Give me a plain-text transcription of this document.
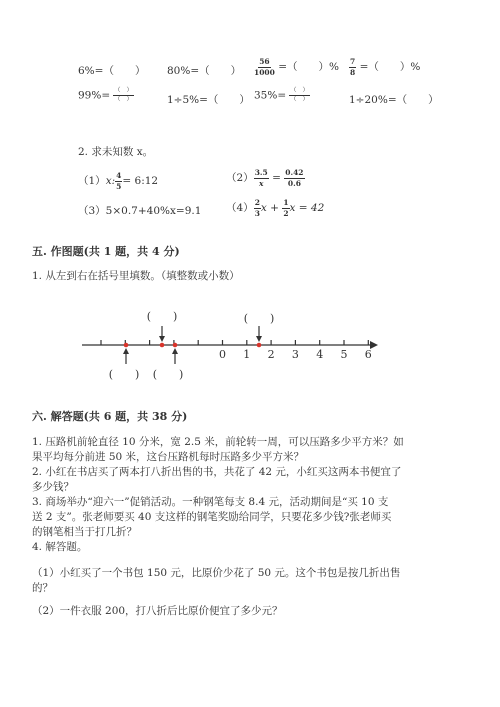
6%=（　　） 80%=（　　） $\frac{56}{1000}$ =（　　）% $\frac{7}{8}$ =（　　）%
$99\%= \frac{( )}{( )}$	1÷5%=（　　） $35\%= \frac{( )}{( )}$	1÷20%=（　　）
2. 求未知数 x。
（1）x: $\frac{4}{5}$ = 6:12	$(2) \frac{3.5}{x} = \frac{0.42}{0.6}$
（3）5×0.7+40%x=9.1 $(4) \frac{2}{3}$ $x + \frac{1}{2}$ x = 42
五. 作图题(共 1 题，共 4 分)
1. 从左到右在括号里填数。（填整数或小数）
0 1 2 3 4 5 6
(　　)	(　　)
(　　) (　　)
六. 解答题(共 6 题，共 38 分)
1. 压路机前轮直径 10 分米，宽 2.5 米，前轮转一周，可以压路多少平方米？如
果平均每分前进 50 米，这台压路机每时压路多少平方米？
2. 小红在书店买了两本打八折出售的书，共花了 42 元，小红买这两本书便宜了
多少钱？
3. 商场举办“迎六一”促销活动。一种钢笔每支 8.4 元，活动期间是“买 10 支
送 2 支”。张老师要买 40 支这样的钢笔奖励给同学，只要花多少钱?张老师买
的钢笔相当于打几折？
4. 解答题。
（1）小红买了一个书包 150 元，比原价少花了 50 元。这个书包是按几折出售
的？
（2）一件衣服 200，打八折后比原价便宜了多少元？
